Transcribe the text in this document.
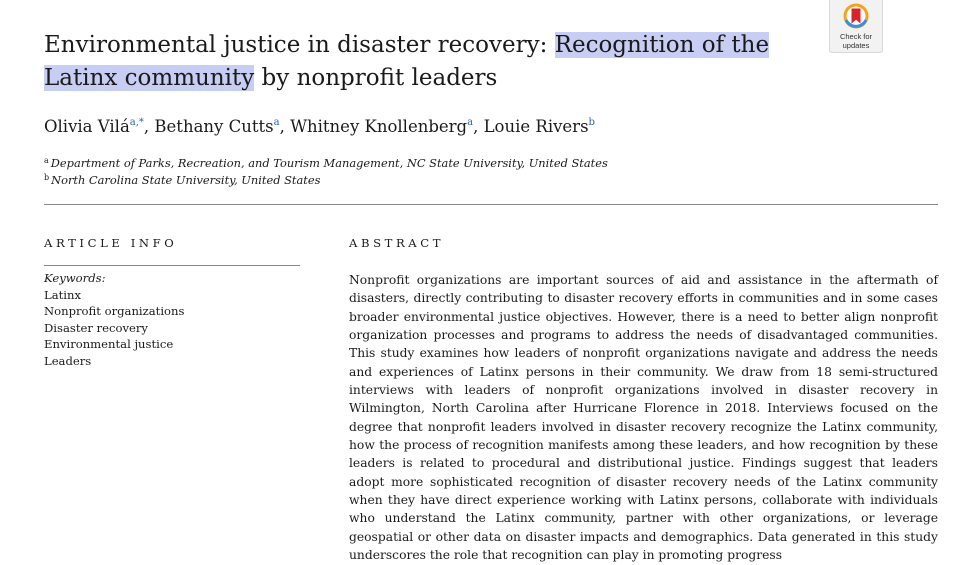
Check for
updates
Environmental justice in disaster recovery: Recognition of the
Latinx community by nonprofit leaders
Olivia Vilá$^{a,*}$, Bethany Cutts$^a$, Whitney Knollenberg$^a$, Louie Rivers$^b$
$^a$ Department of Parks, Recreation, and Tourism Management, NC State University, United States
$^b$ North Carolina State University, United States
ARTICLE INFO	ABSTRACT
Keywords:
Latinx
Nonprofit organizations
Disaster recovery
Environmental justice
Leaders

Nonprofit organizations are important sources of aid and assistance in the aftermath of disasters, directly contributing to disaster recovery efforts in communities and in some cases broader environmental justice objectives. However, there is a need to better align nonprofit organization processes and programs to address the needs of disadvantaged communities. This study examines how leaders of nonprofit organizations navigate and address the needs and experiences of Latinx persons in their community. We draw from 18 semi-structured interviews with leaders of nonprofit organizations involved in disaster recovery in Wilmington, North Carolina after Hurricane Florence in 2018. Interviews focused on the degree that nonprofit leaders involved in disaster recovery recognize the Latinx community, how the process of recognition manifests among these leaders, and how recognition by these leaders is related to procedural and distributional justice. Findings suggest that leaders adopt more sophisticated recognition of disaster recovery needs of the Latinx community when they have direct experience working with Latinx persons, collaborate with individuals who understand the Latinx community, partner with other organizations, or leverage geospatial or other data on disaster impacts and demographics. Data generated in this study underscores the role that recognition can play in promoting progress
